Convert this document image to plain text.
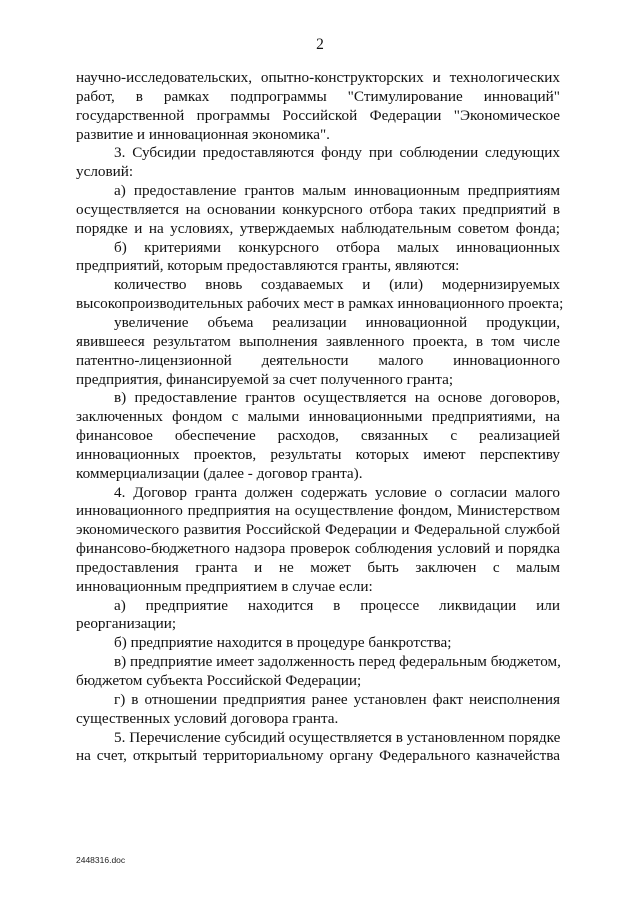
2
научно-исследовательских, опытно-конструкторских и технологических
работ, в рамках подпрограммы "Стимулирование инноваций"
государственной программы Российской Федерации "Экономическое
развитие и инновационная экономика".
3. Субсидии предоставляются фонду при соблюдении следующих
условий:
а) предоставление грантов малым инновационным предприятиям
осуществляется на основании конкурсного отбора таких предприятий в
порядке и на условиях, утверждаемых наблюдательным советом фонда;
б) критериями конкурсного отбора малых инновационных
предприятий, которым предоставляются гранты, являются:
количество вновь создаваемых и (или) модернизируемых
высокопроизводительных рабочих мест в рамках инновационного проекта;
увеличение объема реализации инновационной продукции,
явившееся результатом выполнения заявленного проекта, в том числе
патентно-лицензионной деятельности малого инновационного
предприятия, финансируемой за счет полученного гранта;
в) предоставление грантов осуществляется на основе договоров,
заключенных фондом с малыми инновационными предприятиями, на
финансовое обеспечение расходов, связанных с реализацией
инновационных проектов, результаты которых имеют перспективу
коммерциализации (далее - договор гранта).
4. Договор гранта должен содержать условие о согласии малого
инновационного предприятия на осуществление фондом, Министерством
экономического развития Российской Федерации и Федеральной службой
финансово-бюджетного надзора проверок соблюдения условий и порядка
предоставления гранта и не может быть заключен с малым
инновационным предприятием в случае если:
а) предприятие находится в процессе ликвидации или
реорганизации;
б) предприятие находится в процедуре банкротства;
в) предприятие имеет задолженность перед федеральным бюджетом,
бюджетом субъекта Российской Федерации;
г) в отношении предприятия ранее установлен факт неисполнения
существенных условий договора гранта.
5. Перечисление субсидий осуществляется в установленном порядке
на счет, открытый территориальному органу Федерального казначейства
2448316.doc
